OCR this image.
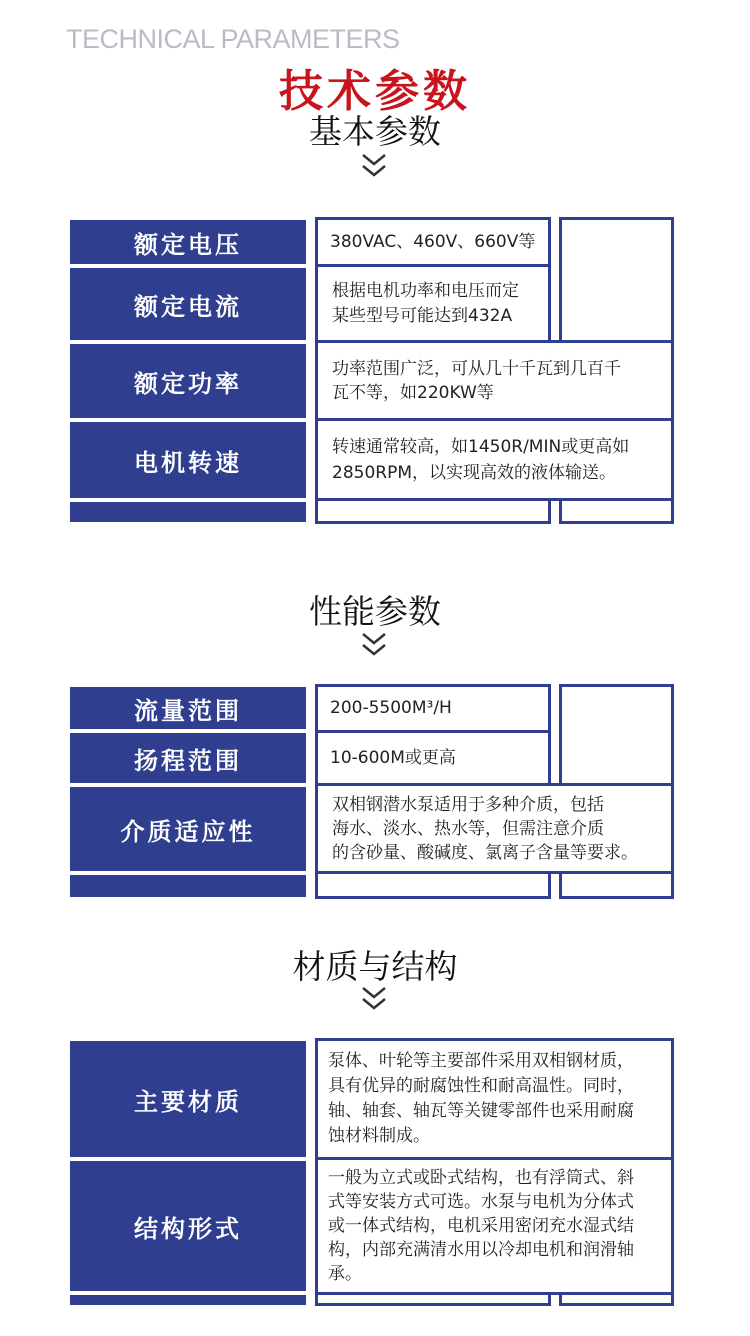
TECHNICAL PARAMETERS
技术参数
基本参数
额定电压
额定电流
额定功率
电机转速
380VAC、460V、660V等
根据电机功率和电压而定
某些型号可能达到432A
功率范围广泛，可从几十千瓦到几百千
瓦不等，如220KW等
转速通常较高，如1450R/MIN或更高如
2850RPM，以实现高效的液体输送。
性能参数
流量范围
扬程范围
介质适应性
200-5500M³/H
10-600M或更高
双相钢潜水泵适用于多种介质，包括
海水、淡水、热水等，但需注意介质
的含砂量、酸碱度、氯离子含量等要求。
材质与结构
主要材质
结构形式
泵体、叶轮等主要部件采用双相钢材质，
具有优异的耐腐蚀性和耐高温性。同时，
轴、轴套、轴瓦等关键零部件也采用耐腐
蚀材料制成。
一般为立式或卧式结构，也有浮筒式、斜
式等安装方式可选。水泵与电机为分体式
或一体式结构，电机采用密闭充水湿式结
构，内部充满清水用以冷却电机和润滑轴
承。
